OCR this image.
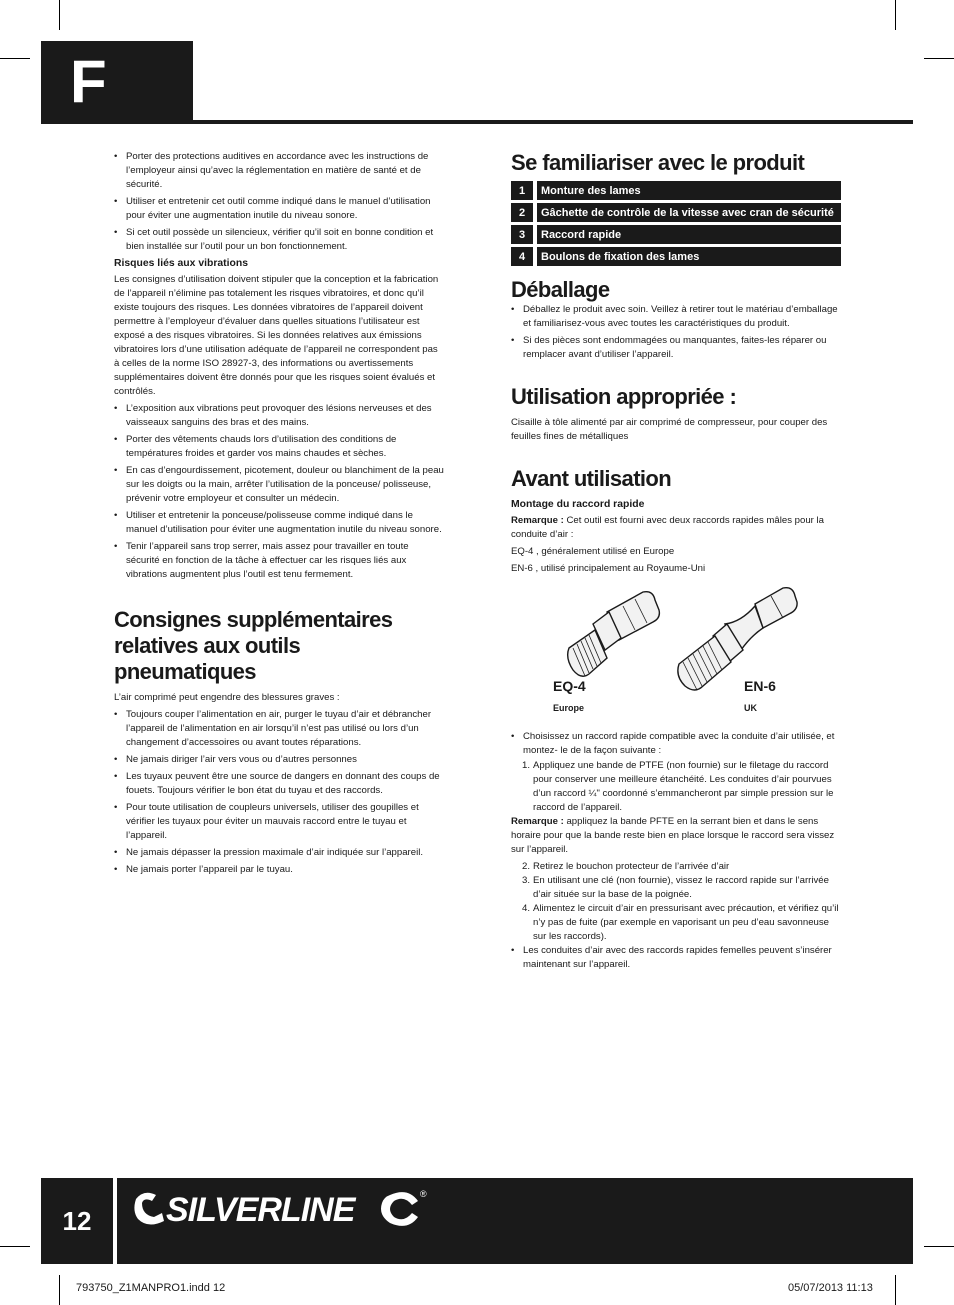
F
• Porter des protections auditives en accordance avec les instructions de l’employeur ainsi qu’avec la réglementation en matière de santé et de sécurité.
• Utiliser et entretenir cet outil comme indiqué dans le manuel d’utilisation pour éviter une augmentation inutile du niveau sonore.
• Si cet outil possède un silencieux, vérifier qu’il soit en bonne condition et bien installée sur l’outil pour un bon fonctionnement.
Risques liés aux vibrations

Les consignes d’utilisation doivent stipuler que la conception et la fabrication de l’appareil n’élimine pas totalement les risques vibratoires, et donc qu’il existe toujours des risques. Les données vibratoires de l’appareil doivent permettre à l’employeur d’évaluer dans quelles situations l’utilisateur est exposé a des risques vibratoires. Si les données relatives aux émissions vibratoires lors d’une utilisation adéquate de l’appareil ne correspondent pas à celles de la norme ISO 28927-3, des informations ou avertissements supplémentaires doivent être donnés pour que les risques soient évalués et contrôlés.

• L’exposition aux vibrations peut provoquer des lésions nerveuses et des vaisseaux sanguins des bras et des mains.
• Porter des vêtements chauds lors d’utilisation des conditions de températures froides et garder vos mains chaudes et sèches.
• En cas d’engourdissement, picotement, douleur ou blanchiment de la peau sur les doigts ou la main, arrêter l’utilisation de la ponceuse/ polisseuse, prévenir votre employeur et consulter un médecin.
• Utiliser et entretenir la ponceuse/polisseuse comme indiqué dans le manuel d’utilisation pour éviter une augmentation inutile du niveau sonore.
• Tenir l’appareil sans trop serrer, mais assez pour travailler en toute sécurité en fonction de la tâche à effectuer car les risques liés aux vibrations augmentent plus l’outil est tenu fermement.
Consignes supplémentaires relatives aux outils pneumatiques

L’air comprimé peut engendre des blessures graves :

• Toujours couper l’alimentation en air, purger le tuyau d’air et débrancher l’appareil de l’alimentation en air lorsqu’il n’est pas utilisé ou lors d’un changement d’accessoires ou avant toutes réparations.
• Ne jamais diriger l’air vers vous ou d’autres personnes
• Les tuyaux peuvent être une source de dangers en donnant des coups de fouets. Toujours vérifier le bon état du tuyau et des raccords.
• Pour toute utilisation de coupleurs universels, utiliser des goupilles et vérifier les tuyaux pour éviter un mauvais raccord entre le tuyau et l’appareil.
• Ne jamais dépasser la pression maximale d’air indiquée sur l’appareil.
• Ne jamais porter l’appareil par le tuyau.
Se familiariser avec le produit
1		Monture des lames
2		Gâchette de contrôle de la vitesse avec cran de sécurité
3		Raccord rapide
4		Boulons de fixation des lames
Déballage
• Déballez le produit avec soin. Veillez à retirer tout le matériau d’emballage et familiarisez-vous avec toutes les caractéristiques du produit.
• Si des pièces sont endommagées ou manquantes, faites-les réparer ou remplacer avant d’utiliser l’appareil.
Utilisation appropriée :

Cisaille à tôle alimenté par air comprimé de compresseur, pour couper des feuilles fines de métalliques

Avant utilisation
Montage du raccord rapide

Remarque : Cet outil est fourni avec deux raccords rapides mâles pour la conduite d’air :

EQ-4 , généralement utilisé en Europe

EN-6 , utilisé principalement au Royaume-Uni

EQ-4
Europe
EN-6
UK
• Choisissez un raccord rapide compatible avec la conduite d’air utilisée, et montez- le de la façon suivante :
1. Appliquez une bande de PTFE (non fournie) sur le filetage du raccord pour conserver une meilleure étanchéité. Les conduites d’air pourvues d’un raccord ¼" coordonné s’emmancheront par simple pression sur le raccord de l’appareil.

Remarque : appliquez la bande PFTE en la serrant bien et dans le sens horaire pour que la bande reste bien en place lorsque le raccord sera vissez sur l’appareil.

2. Retirez le bouchon protecteur de l’arrivée d’air
3. En utilisant une clé (non fournie), vissez le raccord rapide sur l’arrivée d’air située sur la base de la poignée.
4. Alimentez le circuit d’air en pressurisant avec précaution, et vérifiez qu’il n’y pas de fuite (par exemple en vaporisant un peu d’eau savonneuse sur les raccords).
• Les conduites d’air avec des raccords rapides femelles peuvent s’insérer maintenant sur l’appareil.
12	SILVERLINE	®
793750_Z1MANPRO1.indd 12	05/07/2013 11:13
